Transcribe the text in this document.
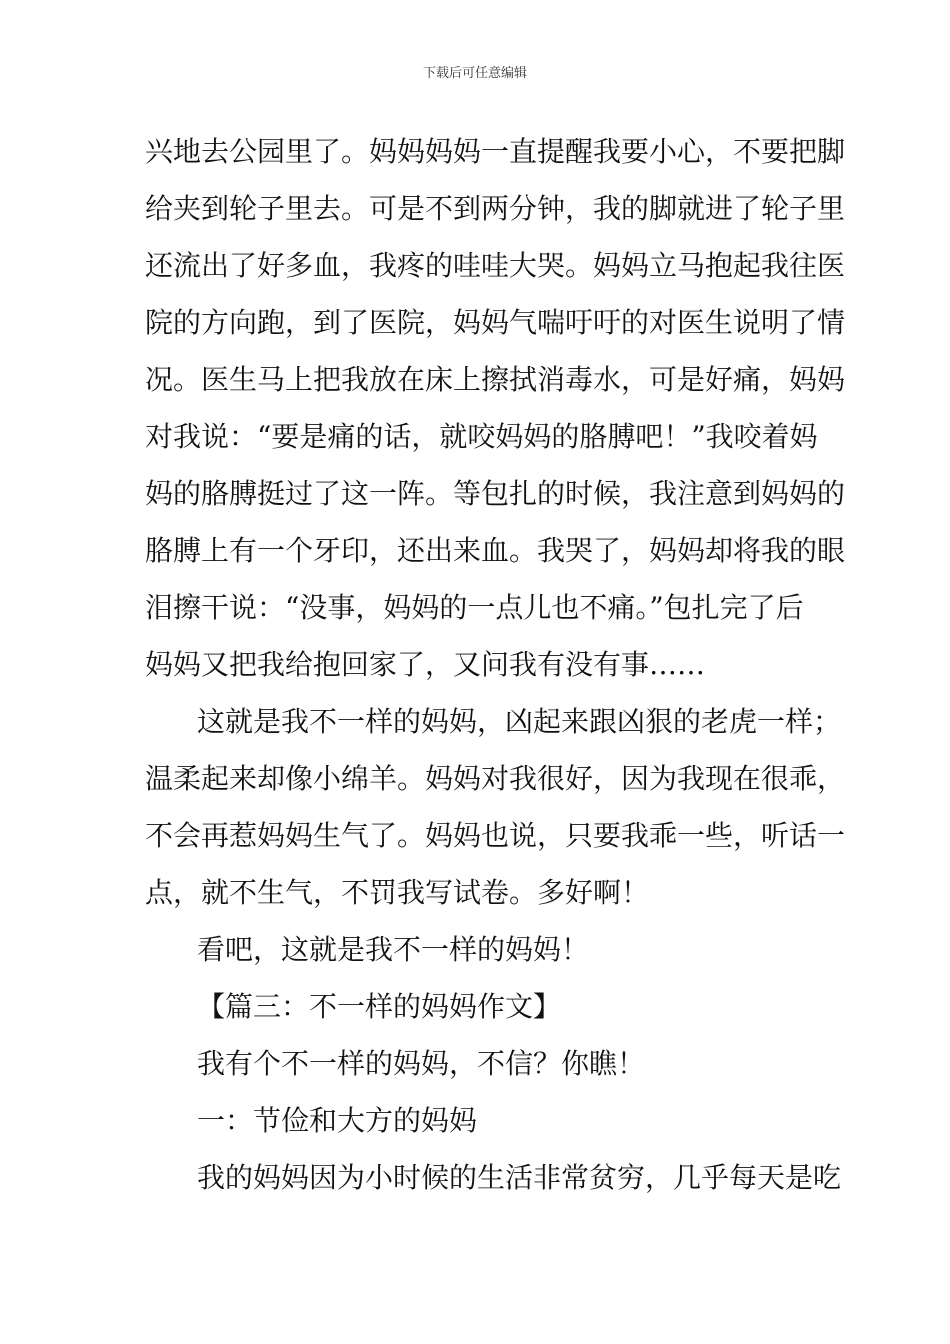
下载后可任意编辑
兴地去公园里了。妈妈妈妈一直提醒我要小心，不要把脚
给夹到轮子里去。可是不到两分钟，我的脚就进了轮子里
还流出了好多血，我疼的哇哇大哭。妈妈立马抱起我往医
院的方向跑，到了医院，妈妈气喘吁吁的对医生说明了情
况。医生马上把我放在床上擦拭消毒水，可是好痛，妈妈
对我说：“要是痛的话，就咬妈妈的胳膊吧！”我咬着妈
妈的胳膊挺过了这一阵。等包扎的时候，我注意到妈妈的
胳膊上有一个牙印，还出来血。我哭了，妈妈却将我的眼
泪擦干说：“没事，妈妈的一点儿也不痛。”包扎完了后
妈妈又把我给抱回家了，又问我有没有事……
这就是我不一样的妈妈，凶起来跟凶狠的老虎一样；
温柔起来却像小绵羊。妈妈对我很好，因为我现在很乖，
不会再惹妈妈生气了。妈妈也说，只要我乖一些，听话一
点，就不生气，不罚我写试卷。多好啊！
看吧，这就是我不一样的妈妈！
【篇三：不一样的妈妈作文】
我有个不一样的妈妈，不信？你瞧！
一：节俭和大方的妈妈
我的妈妈因为小时候的生活非常贫穷，几乎每天是吃
